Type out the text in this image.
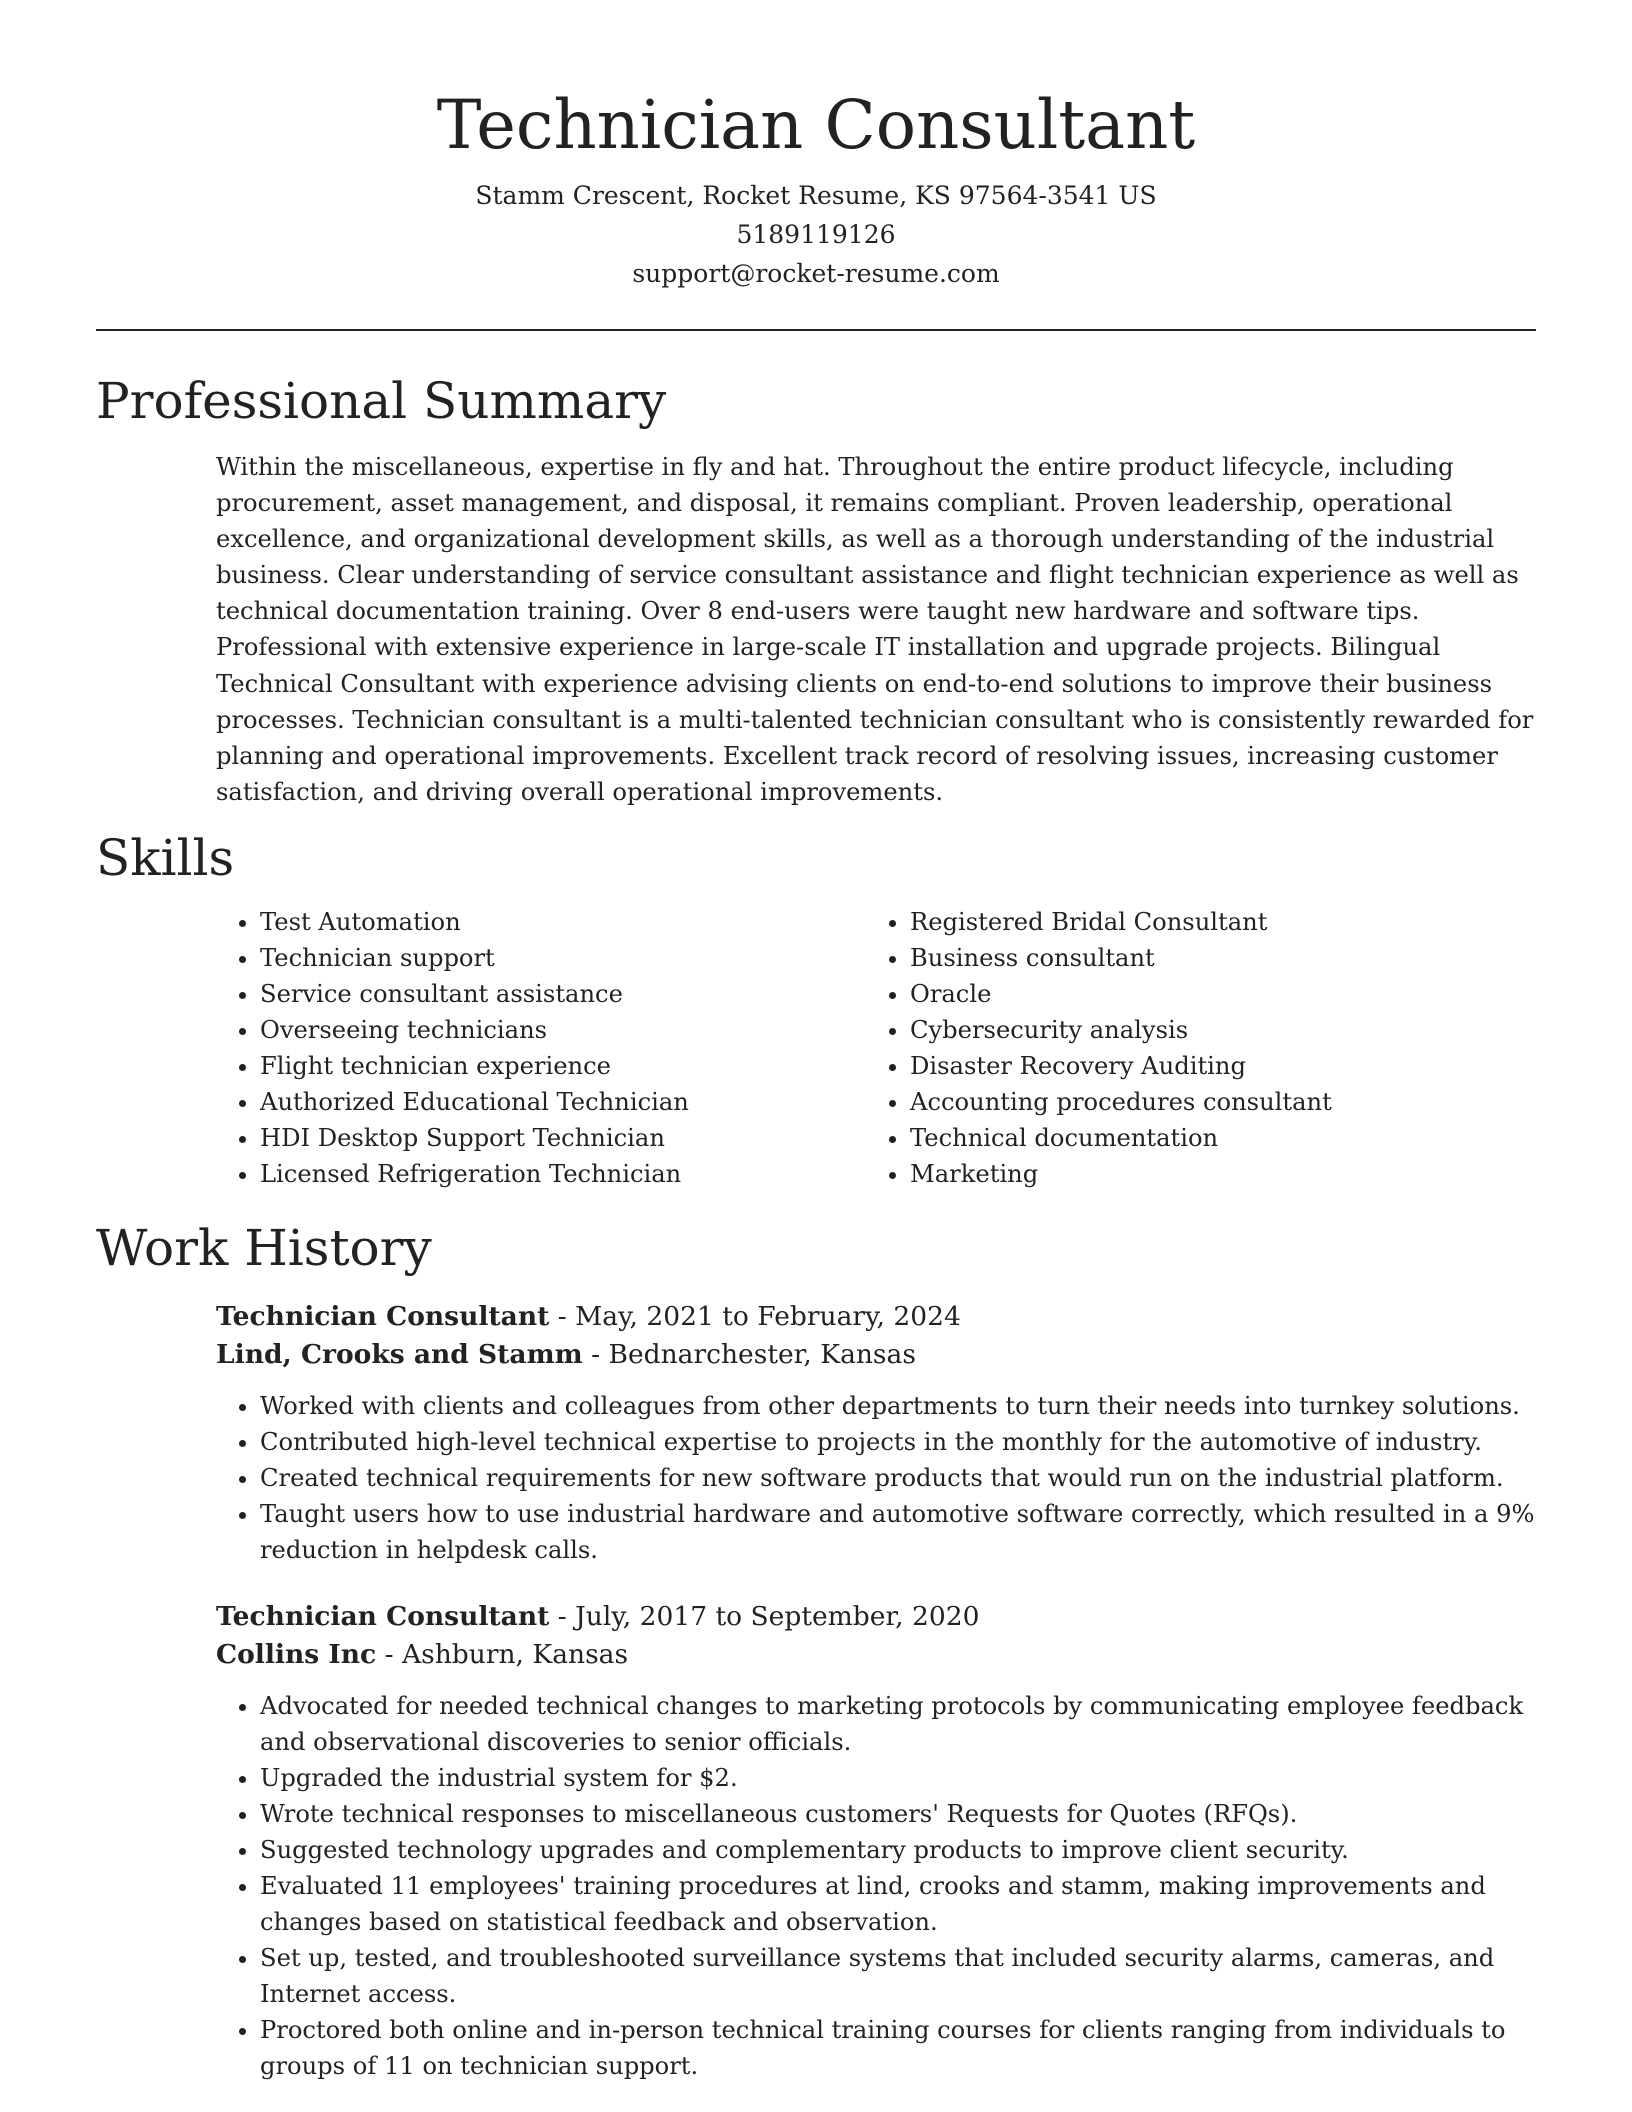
Technician Consultant
Stamm Crescent, Rocket Resume, KS 97564-3541 US
5189119126
support@rocket-resume.com
Professional Summary

Within the miscellaneous, expertise in fly and hat. Throughout the entire product lifecycle, including procurement, asset management, and disposal, it remains compliant. Proven leadership, operational excellence, and organizational development skills, as well as a thorough understanding of the industrial business. Clear understanding of service consultant assistance and flight technician experience as well as technical documentation training. Over 8 end-users were taught new hardware and software tips. Professional with extensive experience in large-scale IT installation and upgrade projects. Bilingual Technical Consultant with experience advising clients on end-to-end solutions to improve their business processes. Technician consultant is a multi-talented technician consultant who is consistently rewarded for planning and operational improvements. Excellent track record of resolving issues, increasing customer satisfaction, and driving overall operational improvements.

Skills
• Test Automation
• Technician support
• Service consultant assistance
• Overseeing technicians
• Flight technician experience
• Authorized Educational Technician
• HDI Desktop Support Technician
• Licensed Refrigeration Technician
• Registered Bridal Consultant
• Business consultant
• Oracle
• Cybersecurity analysis
• Disaster Recovery Auditing
• Accounting procedures consultant
• Technical documentation
• Marketing
Work History
Technician Consultant - May, 2021 to February, 2024
Lind, Crooks and Stamm - Bednarchester, Kansas
• Worked with clients and colleagues from other departments to turn their needs into turnkey solutions.
• Contributed high-level technical expertise to projects in the monthly for the automotive of industry.
• Created technical requirements for new software products that would run on the industrial platform.
• Taught users how to use industrial hardware and automotive software correctly, which resulted in a 9% reduction in helpdesk calls.
Technician Consultant - July, 2017 to September, 2020
Collins Inc - Ashburn, Kansas
• Advocated for needed technical changes to marketing protocols by communicating employee feedback and observational discoveries to senior officials.
• Upgraded the industrial system for $2.
• Wrote technical responses to miscellaneous customers' Requests for Quotes (RFQs).
• Suggested technology upgrades and complementary products to improve client security.
• Evaluated 11 employees' training procedures at lind, crooks and stamm, making improvements and changes based on statistical feedback and observation.
• Set up, tested, and troubleshooted surveillance systems that included security alarms, cameras, and Internet access.
• Proctored both online and in-person technical training courses for clients ranging from individuals to groups of 11 on technician support.
